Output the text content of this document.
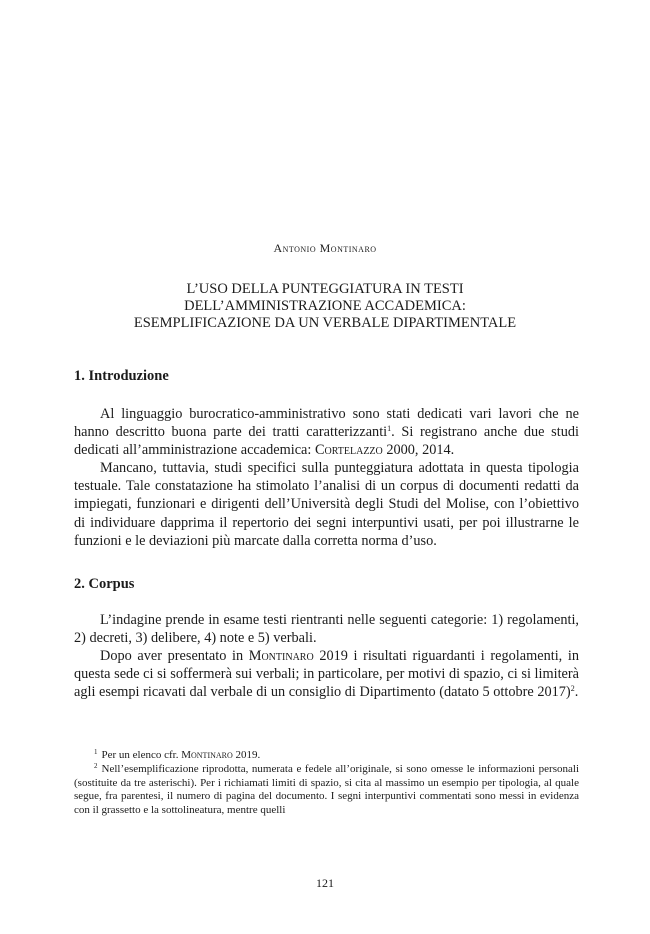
Antonio Montinaro
L’USO DELLA PUNTEGGIATURA IN TESTI
DELL’AMMINISTRAZIONE ACCADEMICA:
ESEMPLIFICAZIONE DA UN VERBALE DIPARTIMENTALE
1. Introduzione

Al linguaggio burocratico-amministrativo sono stati dedicati vari lavori che ne hanno descritto buona parte dei tratti caratterizzanti$^1$. Si registrano anche due studi dedicati all’amministrazione accademica: Cortelazzo 2000, 2014.

Mancano, tuttavia, studi specifici sulla punteggiatura adottata in questa tipologia testuale. Tale constatazione ha stimolato l’analisi di un corpus di documenti redatti da impiegati, funzionari e dirigenti dell’Università degli Studi del Molise, con l’obiettivo di individuare dapprima il repertorio dei segni interpuntivi usati, per poi illustrarne le funzioni e le deviazioni più marcate dalla corretta norma d’uso.

2. Corpus

L’indagine prende in esame testi rientranti nelle seguenti categorie: 1) regolamenti, 2) decreti, 3) delibere, 4) note e 5) verbali.

Dopo aver presentato in Montinaro 2019 i risultati riguardanti i regolamenti, in questa sede ci si soffermerà sui verbali; in particolare, per motivi di spazio, ci si limiterà agli esempi ricavati dal verbale di un consiglio di Dipartimento (datato 5 ottobre 2017)$^2$.

$^1$ Per un elenco cfr. Montinaro 2019.

$^2$ Nell’esemplificazione riprodotta, numerata e fedele all’originale, si sono omesse le informazioni personali (sostituite da tre asterischi). Per i richiamati limiti di spazio, si cita al massimo un esempio per tipologia, al quale segue, fra parentesi, il numero di pagina del documento. I segni interpuntivi commentati sono messi in evidenza con il grassetto e la sottolineatura, mentre quelli

121
